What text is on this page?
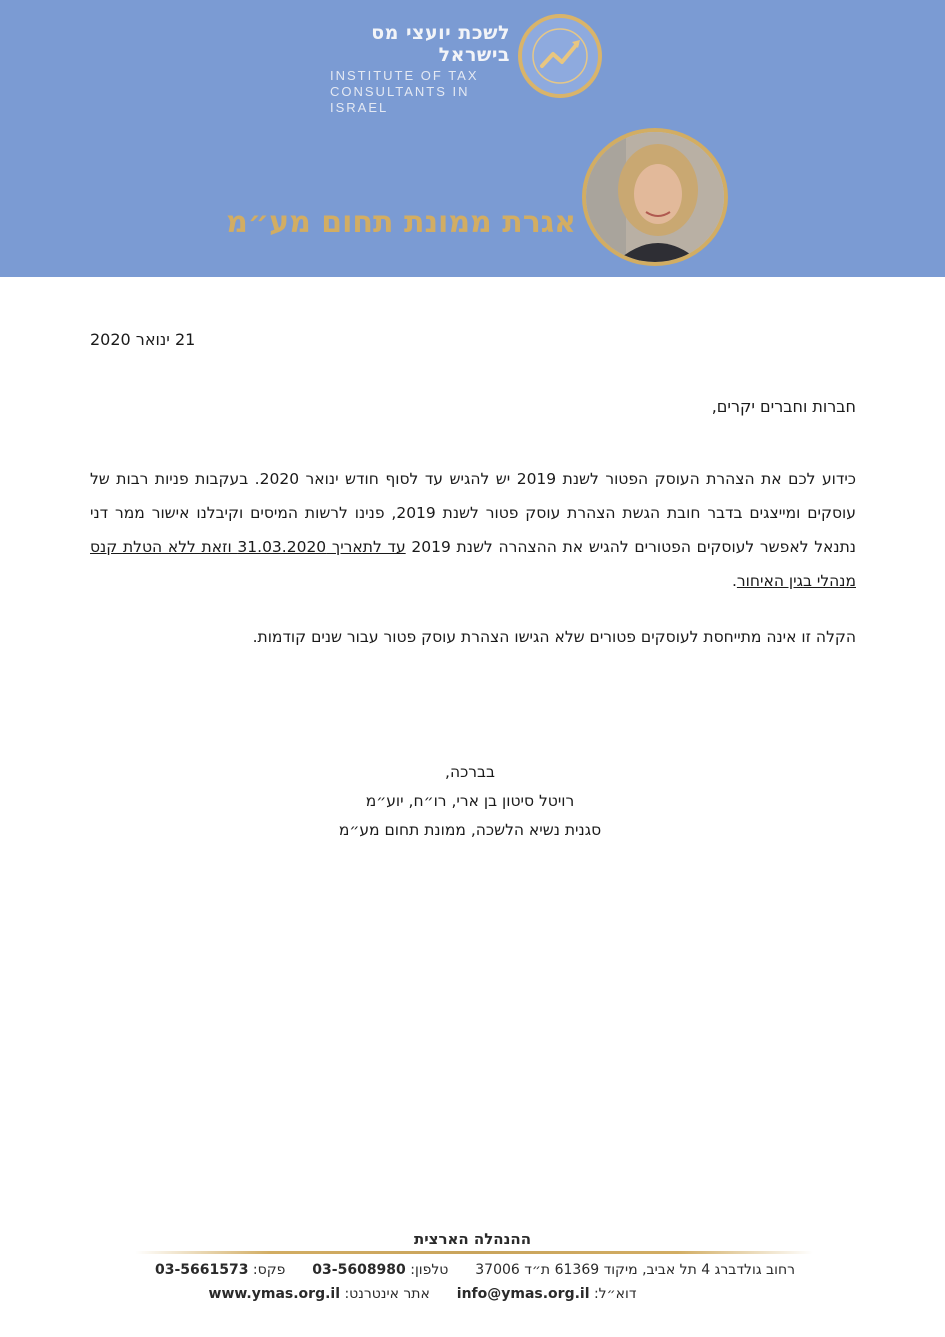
לשכת יועצי מס בישראל
INSTITUTE OF TAX
CONSULTANTS IN ISRAEL
אגרת ממונת תחום מע״מ
21 ינואר 2020
חברות וחברים יקרים,
כידוע לכם את הצהרת העוסק הפטור לשנת 2019 יש להגיש עד לסוף חודש ינואר 2020. בעקבות פניות רבות של עוסקים ומייצגים בדבר חובת הגשת הצהרת עוסק פטור לשנת 2019, פנינו לרשות המיסים וקיבלנו אישור ממר דני נתנאל לאפשר לעוסקים הפטורים להגיש את ההצהרה לשנת 2019 עד לתאריך 31.03.2020 וזאת ללא הטלת קנס מנהלי בגין האיחור.
הקלה זו אינה מתייחסת לעוסקים פטורים שלא הגישו הצהרת עוסק פטור עבור שנים קודמות.
בברכה,
רויטל סיטון בן ארי, רו״ח, יוע״מ
סגנית נשיא הלשכה, ממונת תחום מע״מ
ההנהלה הארצית
רחוב גולדברג 4 תל אביב, מיקוד 61369 ת״ד 37006  טלפון: 03-5608980  פקס: 03-5661573
דוא״ל: info@ymas.org.il  אתר אינטרנט: www.ymas.org.il
